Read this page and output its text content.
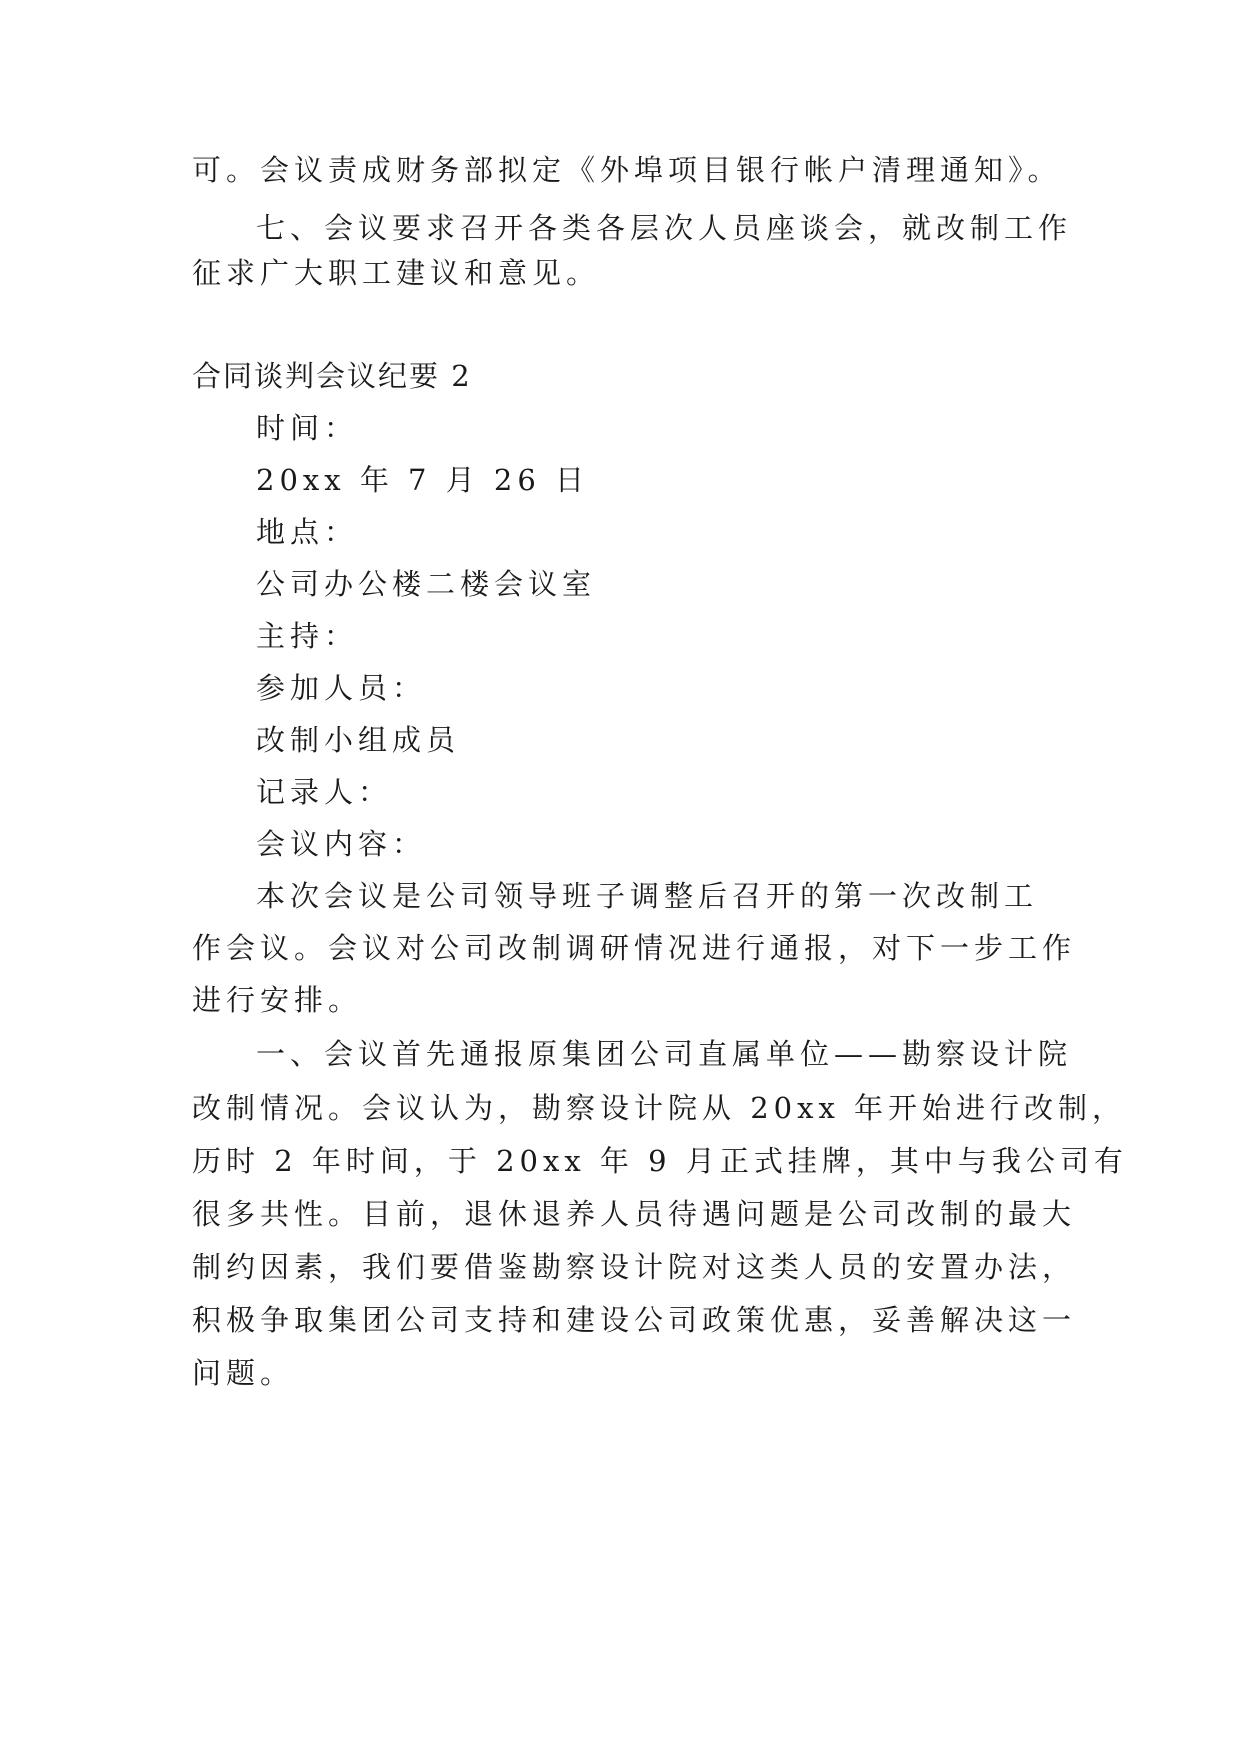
可。会议责成财务部拟定《外埠项目银行帐户清理通知》。
七、会议要求召开各类各层次人员座谈会，就改制工作
征求广大职工建议和意见。
合同谈判会议纪要 2
时间：
20xx 年 7 月 26 日
地点：
公司办公楼二楼会议室
主持：
参加人员：
改制小组成员
记录人：
会议内容：
本次会议是公司领导班子调整后召开的第一次改制工
作会议。会议对公司改制调研情况进行通报，对下一步工作
进行安排。
一、会议首先通报原集团公司直属单位——勘察设计院
改制情况。会议认为，勘察设计院从 20xx 年开始进行改制，
历时 2 年时间，于 20xx 年 9 月正式挂牌，其中与我公司有
很多共性。目前，退休退养人员待遇问题是公司改制的最大
制约因素，我们要借鉴勘察设计院对这类人员的安置办法，
积极争取集团公司支持和建设公司政策优惠，妥善解决这一
问题。
